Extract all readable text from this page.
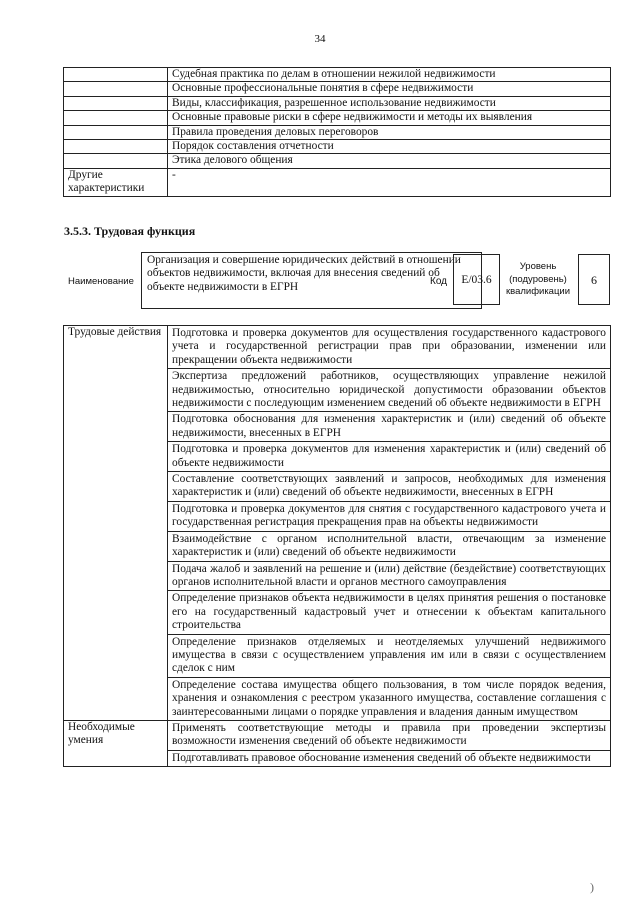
34
	Судебная практика по делам в отношении нежилой недвижимости
	Основные профессиональные понятия в сфере недвижимости
	Виды, классификация, разрешенное использование недвижимости
	Основные правовые риски в сфере недвижимости и методы их выявления
	Правила проведения деловых переговоров
	Порядок составления отчетности
	Этика делового общения
Другие характеристики	-
3.5.3. Трудовая функция
Наименование
Организация и совершение юридических действий в отношении объектов недвижимости, включая для внесения сведений об объекте недвижимости в ЕГРН	Код	E/03.6
Уровень (подуровень) квалификации
6
Трудовые действия	Подготовка и проверка документов для осуществления государственного кадастрового учета и государственной регистрации прав при образовании, изменении или прекращении объекта недвижимости
	Экспертиза предложений работников, осуществляющих управление нежилой недвижимостью, относительно юридической допустимости образовании объектов недвижимости с последующим изменением сведений об объекте недвижимости в ЕГРН
	Подготовка обоснования для изменения характеристик и (или) сведений об объекте недвижимости, внесенных в ЕГРН
	Подготовка и проверка документов для изменения характеристик и (или) сведений об объекте недвижимости
	Составление соответствующих заявлений и запросов, необходимых для изменения характеристик и (или) сведений об объекте недвижимости, внесенных в ЕГРН
	Подготовка и проверка документов для снятия с государственного кадастрового учета и государственная регистрация прекращения прав на объекты недвижимости
	Взаимодействие с органом исполнительной власти, отвечающим за изменение характеристик и (или) сведений об объекте недвижимости
	Подача жалоб и заявлений на решение и (или) действие (бездействие) соответствующих органов исполнительной власти и органов местного самоуправления
	Определение признаков объекта недвижимости в целях принятия решения о постановке его на государственный кадастровый учет и отнесении к объектам капитального строительства
	Определение признаков отделяемых и неотделяемых улучшений недвижимого имущества в связи с осуществлением управления им или в связи с осуществлением сделок с ним
	Определение состава имущества общего пользования, в том числе порядок ведения, хранения и ознакомления с реестром указанного имущества, составление соглашения с заинтересованными лицами о порядке управления и владения данным имуществом
Необходимые умения	Применять соответствующие методы и правила при проведении экспертизы возможности изменения сведений об объекте недвижимости
	Подготавливать правовое обоснование изменения сведений об объекте недвижимости
)
